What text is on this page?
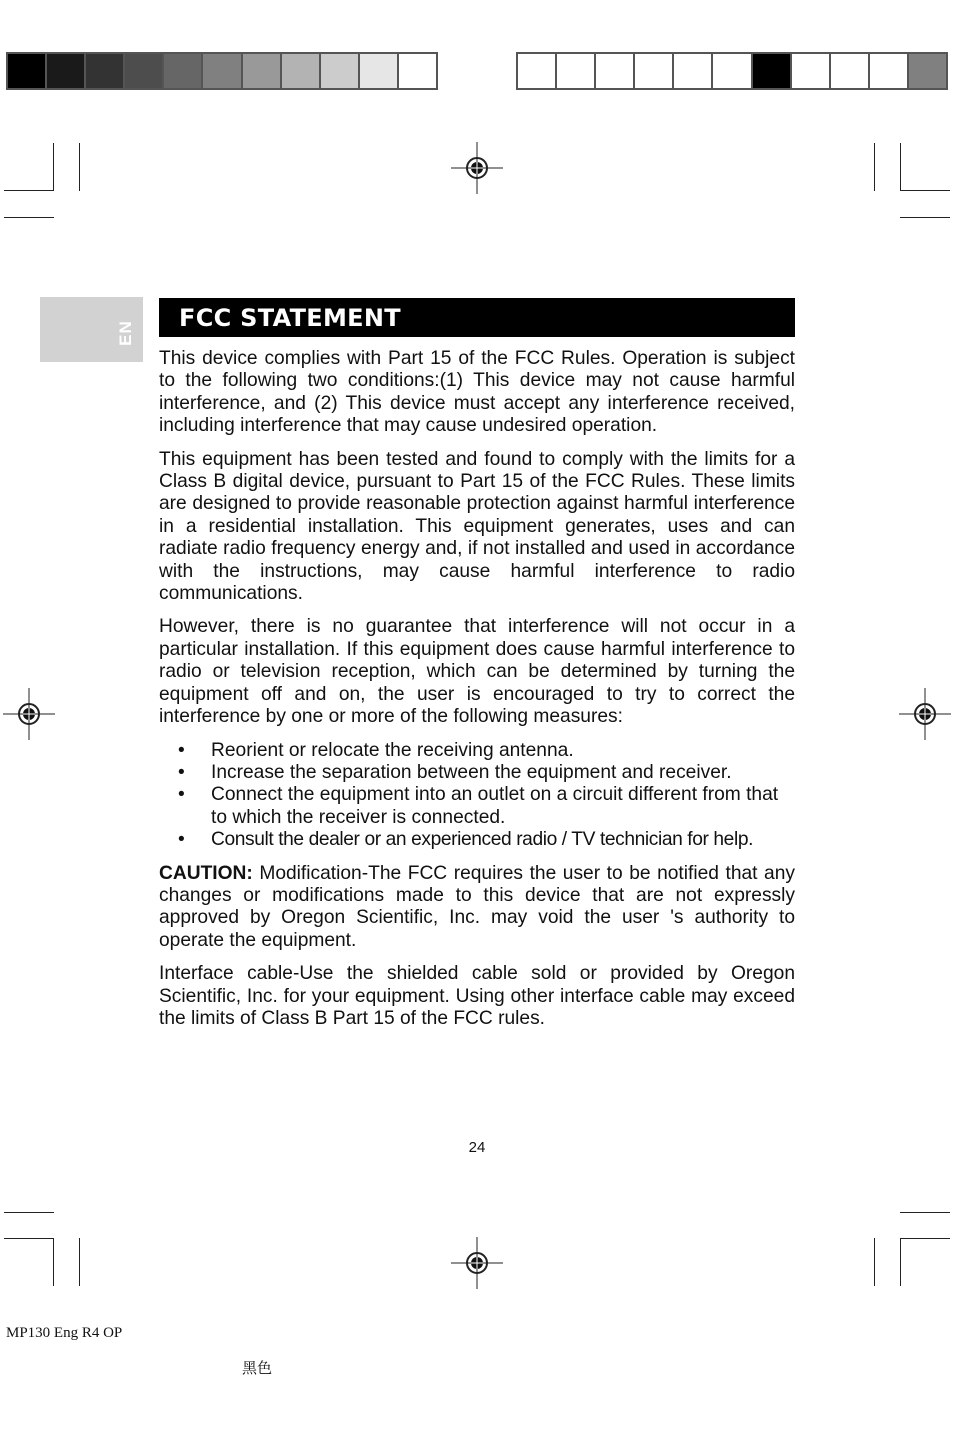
EN
FCC STATEMENT

This device complies with Part 15 of the FCC Rules. Operation is subject to the following two conditions:(1) This device may not cause harmful interference, and (2) This device must accept any interference received, including interference that may cause undesired operation.

This equipment has been tested and found to comply with the limits for a Class B digital device, pursuant to Part 15 of the FCC Rules. These limits are designed to provide reasonable protection against harmful interference in a residential installation. This equipment generates, uses and can radiate radio frequency energy and, if not installed and used in accordance with the instructions, may cause harmful interference to radio communications.

However, there is no guarantee that interference will not occur in a particular installation. If this equipment does cause harmful interference to radio or television reception, which can be determined by turning the equipment off and on, the user is encouraged to try to correct the interference by one or more of the following measures:

• Reorient or relocate the receiving antenna.
• Increase the separation between the equipment and receiver.
• Connect the equipment into an outlet on a circuit different from that to which the receiver is connected.
• Consult the dealer or an experienced radio / TV technician for help.

CAUTION: Modification-The FCC requires the user to be notified that any changes or modifications made to this device that are not expressly approved by Oregon Scientific, Inc. may void the user 's authority to operate the equipment.

Interface cable-Use the shielded cable sold or provided by Oregon Scientific, Inc. for your equipment. Using other interface cable may exceed the limits of Class B Part 15 of the FCC rules.

24
MP130 Eng R4 OP
黑色
